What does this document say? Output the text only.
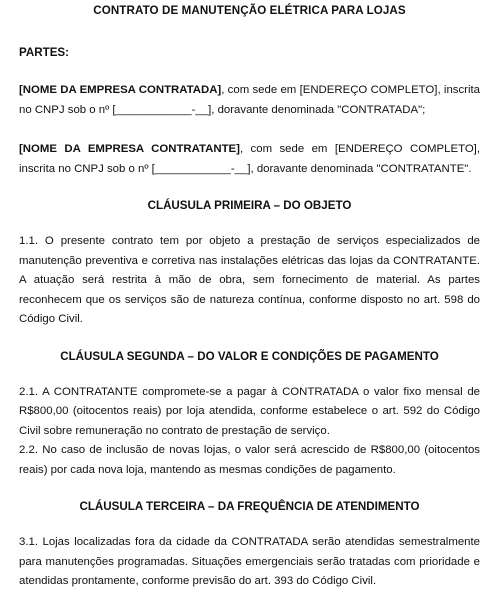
CONTRATO DE MANUTENÇÃO ELÉTRICA PARA LOJAS

PARTES:

[NOME DA EMPRESA CONTRATADA], com sede em [ENDEREÇO COMPLETO], inscrita no CNPJ sob o nº [____________-__], doravante denominada "CONTRATADA";

[NOME DA EMPRESA CONTRATANTE], com sede em [ENDEREÇO COMPLETO], inscrita no CNPJ sob o nº [____________-__], doravante denominada "CONTRATANTE".

CLÁUSULA PRIMEIRA – DO OBJETO

1.1. O presente contrato tem por objeto a prestação de serviços especializados de manutenção preventiva e corretiva nas instalações elétricas das lojas da CONTRATANTE. A atuação será restrita à mão de obra, sem fornecimento de material. As partes reconhecem que os serviços são de natureza contínua, conforme disposto no art. 598 do Código Civil.

CLÁUSULA SEGUNDA – DO VALOR E CONDIÇÕES DE PAGAMENTO

2.1. A CONTRATANTE compromete-se a pagar à CONTRATADA o valor fixo mensal de R$800,00 (oitocentos reais) por loja atendida, conforme estabelece o art. 592 do Código Civil sobre remuneração no contrato de prestação de serviço.

2.2. No caso de inclusão de novas lojas, o valor será acrescido de R$800,00 (oitocentos reais) por cada nova loja, mantendo as mesmas condições de pagamento.

CLÁUSULA TERCEIRA – DA FREQUÊNCIA DE ATENDIMENTO

3.1. Lojas localizadas fora da cidade da CONTRATADA serão atendidas semestralmente para manutenções programadas. Situações emergenciais serão tratadas com prioridade e atendidas prontamente, conforme previsão do art. 393 do Código Civil.
